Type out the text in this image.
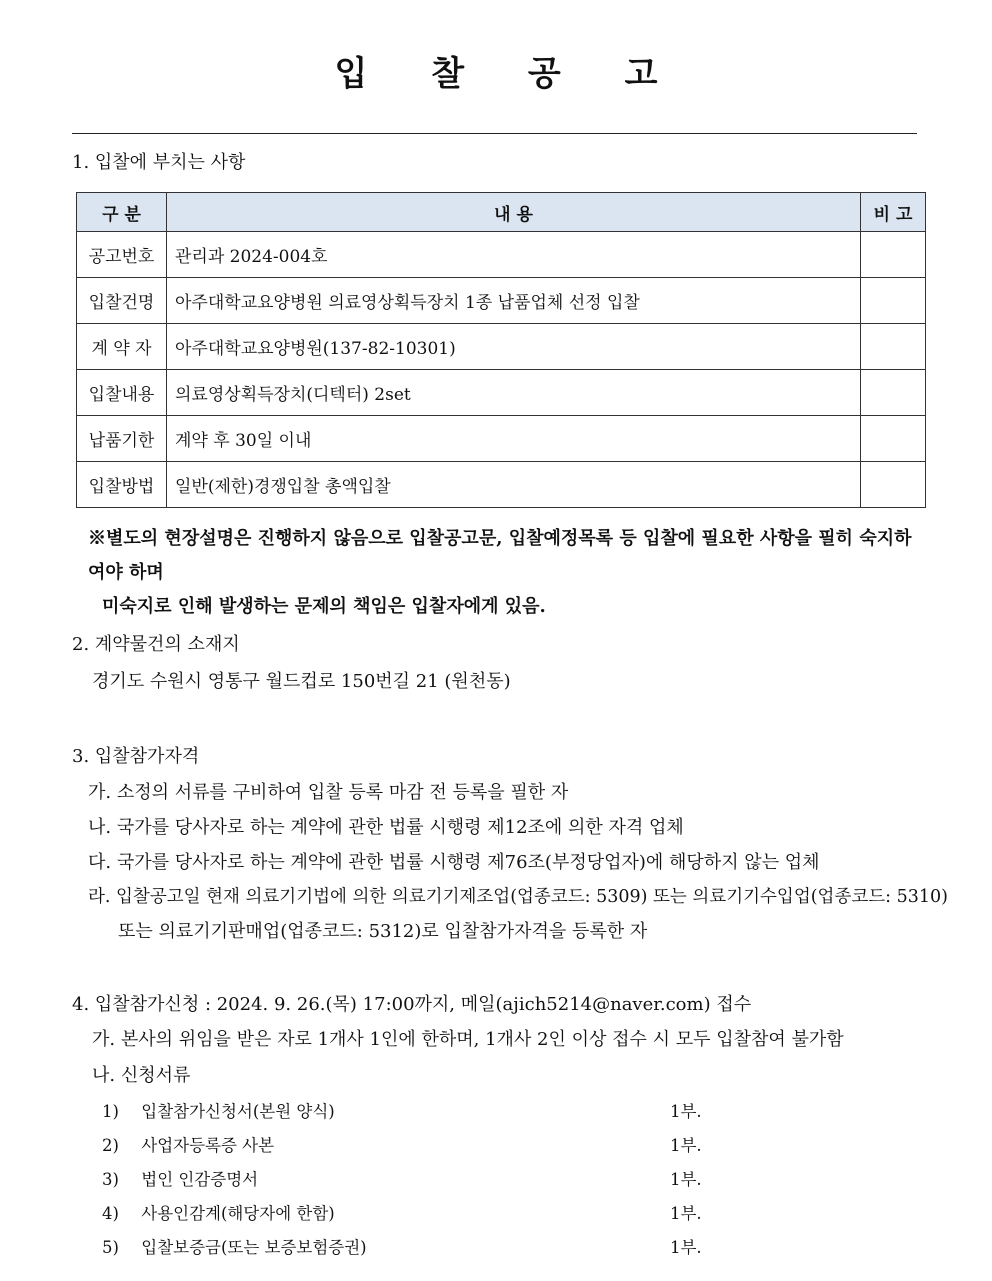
입 찰 공 고
1. 입찰에 부치는 사항
구 분	내 용	비 고
공고번호	관리과 2024-004호	
입찰건명	아주대학교요양병원 의료영상획득장치 1종 납품업체 선정 입찰	
계 약 자	아주대학교요양병원(137-82-10301)	
입찰내용	의료영상획득장치(디텍터) 2set	
납품기한	계약 후 30일 이내	
입찰방법	일반(제한)경쟁입찰 총액입찰	
※별도의 현장설명은 진행하지 않음으로 입찰공고문, 입찰예정목록 등 입찰에 필요한 사항을 필히 숙지하여야 하며
미숙지로 인해 발생하는 문제의 책임은 입찰자에게 있음.
2. 계약물건의 소재지
경기도 수원시 영통구 월드컵로 150번길 21 (원천동)
3. 입찰참가자격
가. 소정의 서류를 구비하여 입찰 등록 마감 전 등록을 필한 자
나. 국가를 당사자로 하는 계약에 관한 법률 시행령 제12조에 의한 자격 업체
다. 국가를 당사자로 하는 계약에 관한 법률 시행령 제76조(부정당업자)에 해당하지 않는 업체
라. 입찰공고일 현재 의료기기법에 의한 의료기기제조업(업종코드: 5309) 또는 의료기기수입업(업종코드: 5310)
또는 의료기기판매업(업종코드: 5312)로 입찰참가자격을 등록한 자
4. 입찰참가신청 : 2024. 9. 26.(목) 17:00까지, 메일(ajich5214@naver.com) 접수
가. 본사의 위임을 받은 자로 1개사 1인에 한하며, 1개사 2인 이상 접수 시 모두 입찰참여 불가함
나. 신청서류
1) 입찰참가신청서(본원 양식)	1부.
2) 사업자등록증 사본	1부.
3) 법인 인감증명서	1부.
4) 사용인감계(해당자에 한함)	1부.
5) 입찰보증금(또는 보증보험증권)	1부.
